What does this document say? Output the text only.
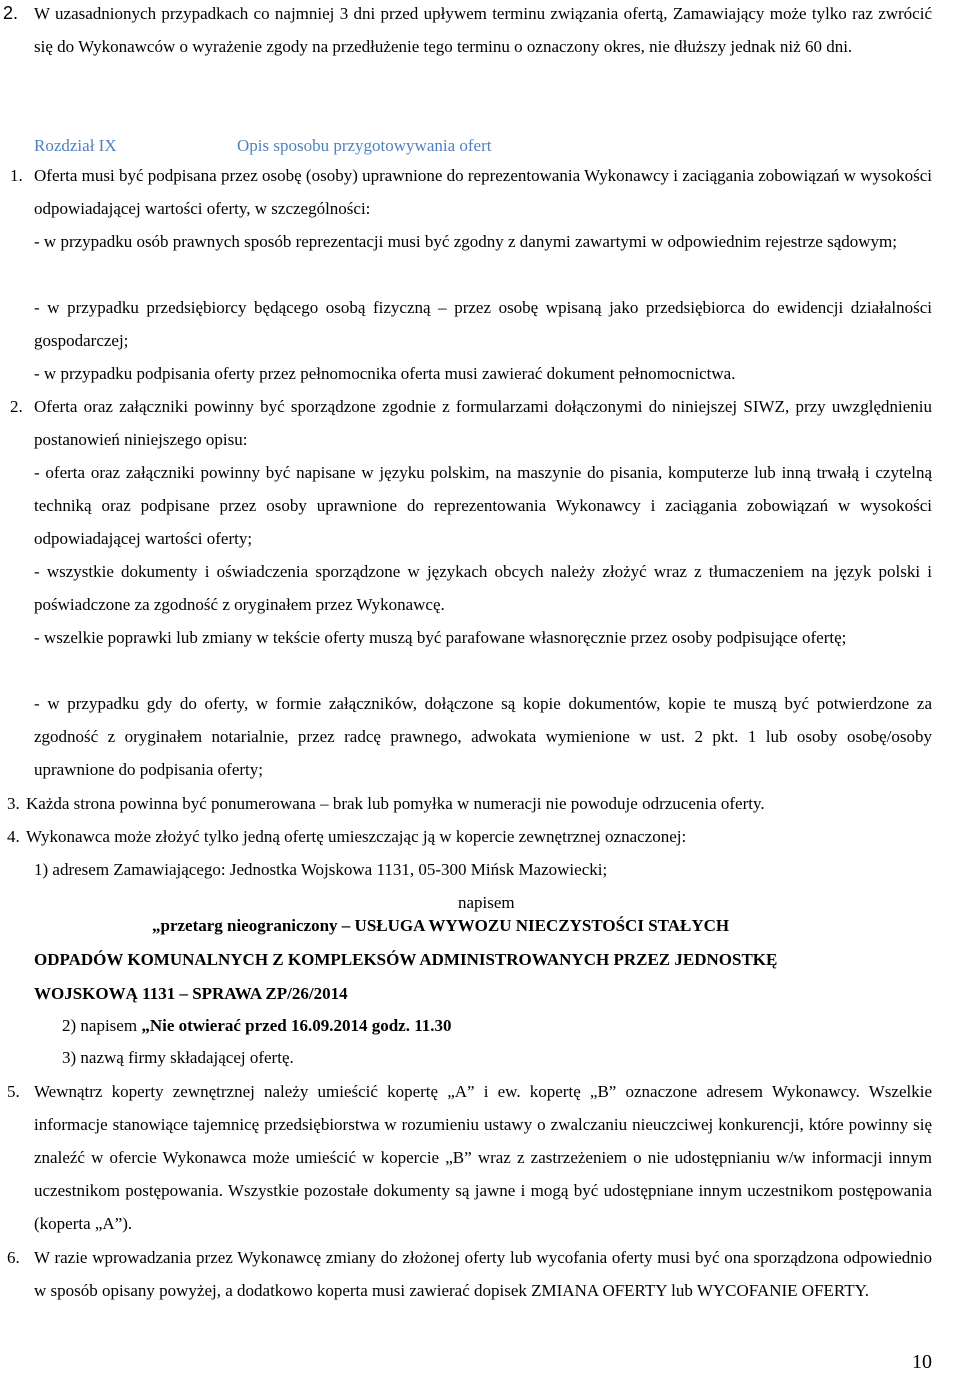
2. W uzasadnionych przypadkach co najmniej 3 dni przed upływem terminu związania ofertą, Zamawiający może tylko raz zwrócić się do Wykonawców o wyrażenie zgody na przedłużenie tego terminu o oznaczony okres, nie dłuższy jednak niż 60 dni.

Rozdział IX	Opis sposobu przygotowywania ofert
1. Oferta musi być podpisana przez osobę (osoby) uprawnione do reprezentowania Wykonawcy i zaciągania zobowiązań w wysokości odpowiadającej wartości oferty, w szczególności:

- w przypadku osób prawnych sposób reprezentacji musi być zgodny z danymi zawartymi w odpowiednim rejestrze sądowym;

- w przypadku przedsiębiorcy będącego osobą fizyczną – przez osobę wpisaną jako przedsiębiorca do ewidencji działalności gospodarczej;

- w przypadku podpisania oferty przez pełnomocnika oferta musi zawierać dokument pełnomocnictwa.

2. Oferta oraz załączniki powinny być sporządzone zgodnie z formularzami dołączonymi do niniejszej SIWZ, przy uwzględnieniu postanowień niniejszego opisu:

- oferta oraz załączniki powinny być napisane w języku polskim, na maszynie do pisania, komputerze lub inną trwałą i czytelną techniką oraz podpisane przez osoby uprawnione do reprezentowania Wykonawcy i zaciągania zobowiązań w wysokości odpowiadającej wartości oferty;

- wszystkie dokumenty i oświadczenia sporządzone w językach obcych należy złożyć wraz z tłumaczeniem na język polski i poświadczone za zgodność z oryginałem przez Wykonawcę.

- wszelkie poprawki lub zmiany w tekście oferty muszą być parafowane własnoręcznie przez osoby podpisujące ofertę;

- w przypadku gdy do oferty, w formie załączników, dołączone są kopie dokumentów, kopie te muszą być potwierdzone za zgodność z oryginałem notarialnie, przez radcę prawnego, adwokata wymienione w ust. 2 pkt. 1 lub osoby osobę/osoby uprawnione do podpisania oferty;

3. Każda strona powinna być ponumerowana – brak lub pomyłka w numeracji nie powoduje odrzucenia oferty.

4. Wykonawca może złożyć tylko jedną ofertę umieszczając ją w kopercie zewnętrznej oznaczonej:

1) adresem Zamawiającego: Jednostka Wojskowa 1131, 05-300 Mińsk Mazowiecki;

napisem

„przetarg nieograniczony – USŁUGA WYWOZU NIECZYSTOŚCI STAŁYCH

ODPADÓW KOMUNALNYCH Z KOMPLEKSÓW ADMINISTROWANYCH PRZEZ JEDNOSTKĘ

WOJSKOWĄ 1131 – SPRAWA ZP/26/2014

2) napisem „Nie otwierać przed 16.09.2014 godz. 11.30

3) nazwą firmy składającej ofertę.

5. Wewnątrz koperty zewnętrznej należy umieścić kopertę „A” i ew. kopertę „B” oznaczone adresem Wykonawcy. Wszelkie informacje stanowiące tajemnicę przedsiębiorstwa w rozumieniu ustawy o zwalczaniu nieuczciwej konkurencji, które powinny się znaleźć w ofercie Wykonawca może umieścić w kopercie „B” wraz z zastrzeżeniem o nie udostępnianiu w/w informacji innym uczestnikom postępowania. Wszystkie pozostałe dokumenty są jawne i mogą być udostępniane innym uczestnikom postępowania (koperta „A”).

6. W razie wprowadzania przez Wykonawcę zmiany do złożonej oferty lub wycofania oferty musi być ona sporządzona odpowiednio w sposób opisany powyżej, a dodatkowo koperta musi zawierać dopisek ZMIANA OFERTY lub WYCOFANIE OFERTY.

10
